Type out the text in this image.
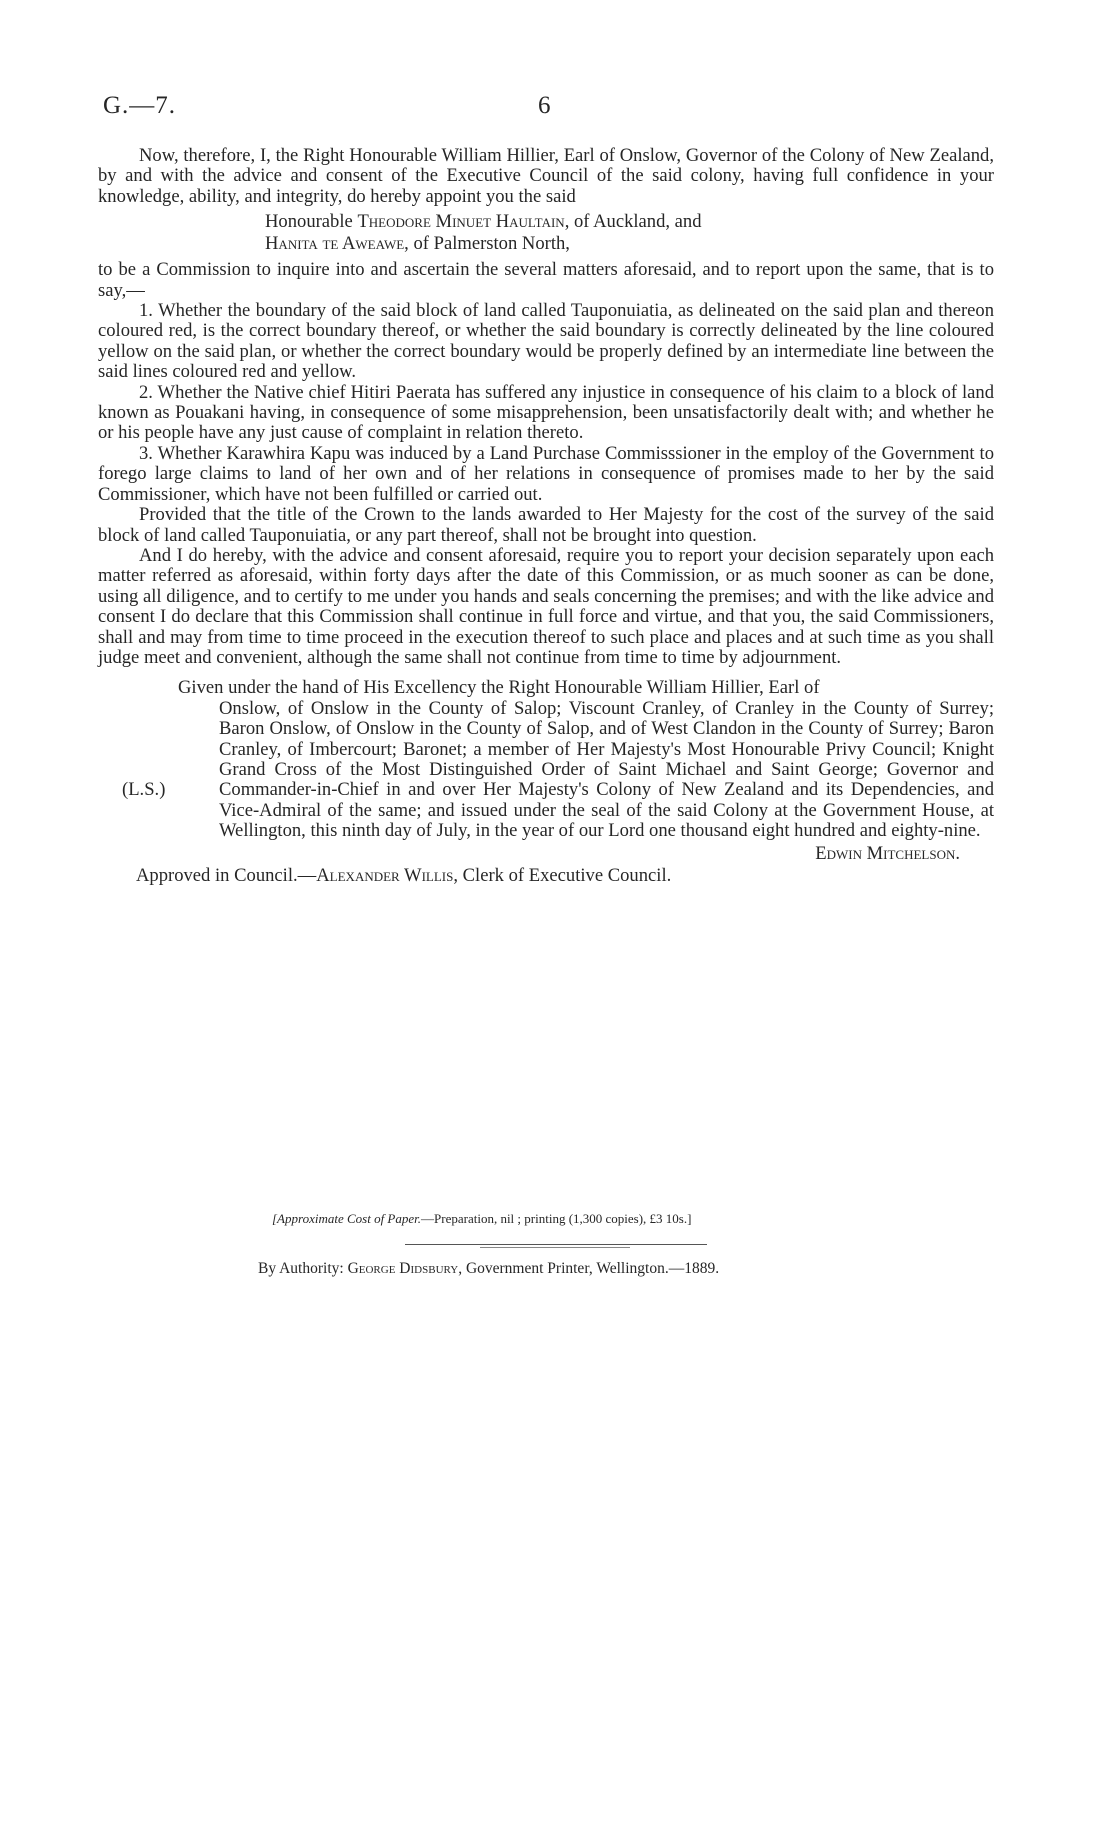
G.—7.	6

Now, therefore, I, the Right Honourable William Hillier, Earl of Onslow, Governor of the Colony of New Zealand, by and with the advice and consent of the Executive Council of the said colony, having full confidence in your knowledge, ability, and integrity, do hereby appoint you the said

Honourable Theodore Minuet Haultain, of Auckland, and
Hanita te Aweawe, of Palmerston North,

to be a Commission to inquire into and ascertain the several matters aforesaid, and to report upon the same, that is to say,—

1. Whether the boundary of the said block of land called Tauponuiatia, as delineated on the said plan and thereon coloured red, is the correct boundary thereof, or whether the said boundary is correctly delineated by the line coloured yellow on the said plan, or whether the correct boundary would be properly defined by an intermediate line between the said lines coloured red and yellow.

2. Whether the Native chief Hitiri Paerata has suffered any injustice in consequence of his claim to a block of land known as Pouakani having, in consequence of some misapprehension, been unsatisfactorily dealt with; and whether he or his people have any just cause of complaint in relation thereto.

3. Whether Karawhira Kapu was induced by a Land Purchase Commisssioner in the employ of the Government to forego large claims to land of her own and of her relations in consequence of promises made to her by the said Commissioner, which have not been fulfilled or carried out.

Provided that the title of the Crown to the lands awarded to Her Majesty for the cost of the survey of the said block of land called Tauponuiatia, or any part thereof, shall not be brought into question.

And I do hereby, with the advice and consent aforesaid, require you to report your decision separately upon each matter referred as aforesaid, within forty days after the date of this Commission, or as much sooner as can be done, using all diligence, and to certify to me under you hands and seals concerning the premises; and with the like advice and consent I do declare that this Commission shall continue in full force and virtue, and that you, the said Commissioners, shall and may from time to time proceed in the execution thereof to such place and places and at such time as you shall judge meet and convenient, although the same shall not continue from time to time by adjournment.

Given under the hand of His Excellency the Right Honourable William Hillier, Earl of

Onslow, of Onslow in the County of Salop; Viscount Cranley, of Cranley in the County of Surrey; Baron Onslow, of Onslow in the County of Salop, and of West Clandon in the County of Surrey; Baron Cranley, of Imbercourt; Baronet; a member of Her Majesty's Most Honourable Privy Council; Knight Grand Cross of the Most Distinguished Order of Saint Michael and Saint George; Governor and Commander-in-Chief in and over Her Majesty's Colony of New Zealand and its Dependencies, and Vice-Admiral of the same; and issued under the seal of the said Colony at the Government House, at Wellington, this ninth day of July, in the year of our Lord one thousand eight hundred and eighty-nine.

(L.S.)

Edwin Mitchelson.

Approved in Council.—Alexander Willis, Clerk of Executive Council.

[Approximate Cost of Paper.—Preparation, nil ; printing (1,300 copies), £3 10s.]
By Authority: George Didsbury, Government Printer, Wellington.—1889.
